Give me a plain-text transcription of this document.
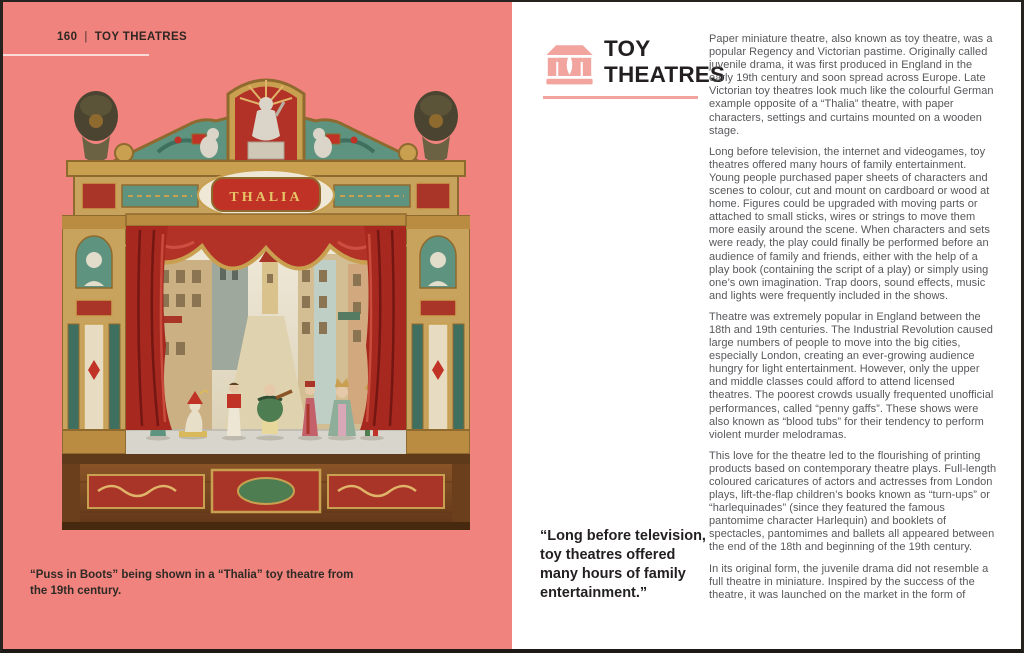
160 | TOY THEATRES
THALIA
“Puss in Boots” being shown in a “Thalia” toy theatre from the 19th century.
TOY
THEATRES

Paper miniature theatre, also known as toy theatre, was a popular Regency and Victorian pastime. Originally called juvenile drama, it was first produced in England in the early 19th century and soon spread across Europe. Late Victorian toy theatres look much like the colourful German example opposite of a “Thalia” theatre, with paper characters, settings and curtains mounted on a wooden stage.

Long before television, the internet and videogames, toy theatres offered many hours of family entertainment. Young people purchased paper sheets of characters and scenes to colour, cut and mount on cardboard or wood at home. Figures could be upgraded with moving parts or attached to small sticks, wires or strings to move them more easily around the scene. When characters and sets were ready, the play could finally be performed before an audience of family and friends, either with the help of a play book (containing the script of a play) or simply using one’s own imagination. Trap doors, sound effects, music and lights were frequently included in the shows.

Theatre was extremely popular in England between the 18th and 19th centuries. The Industrial Revolution caused large numbers of people to move into the big cities, especially London, creating an ever-growing audience hungry for light entertainment. However, only the upper and middle classes could afford to attend licensed theatres. The poorest crowds usually frequented unofficial performances, called “penny gaffs”. These shows were also known as “blood tubs” for their tendency to perform violent murder melodramas.

This love for the theatre led to the flourishing of printing products based on contemporary theatre plays. Full-length coloured caricatures of actors and actresses from London plays, lift-the-flap children’s books known as “turn-ups” or “harlequinades” (since they featured the famous pantomime character Harlequin) and booklets of spectacles, pantomimes and ballets all appeared between the end of the 18th and beginning of the 19th century.

In its original form, the juvenile drama did not resemble a full theatre in miniature. Inspired by the success of the theatre, it was launched on the market in the form of

“Long before television, toy theatres offered many hours of family entertainment.”
